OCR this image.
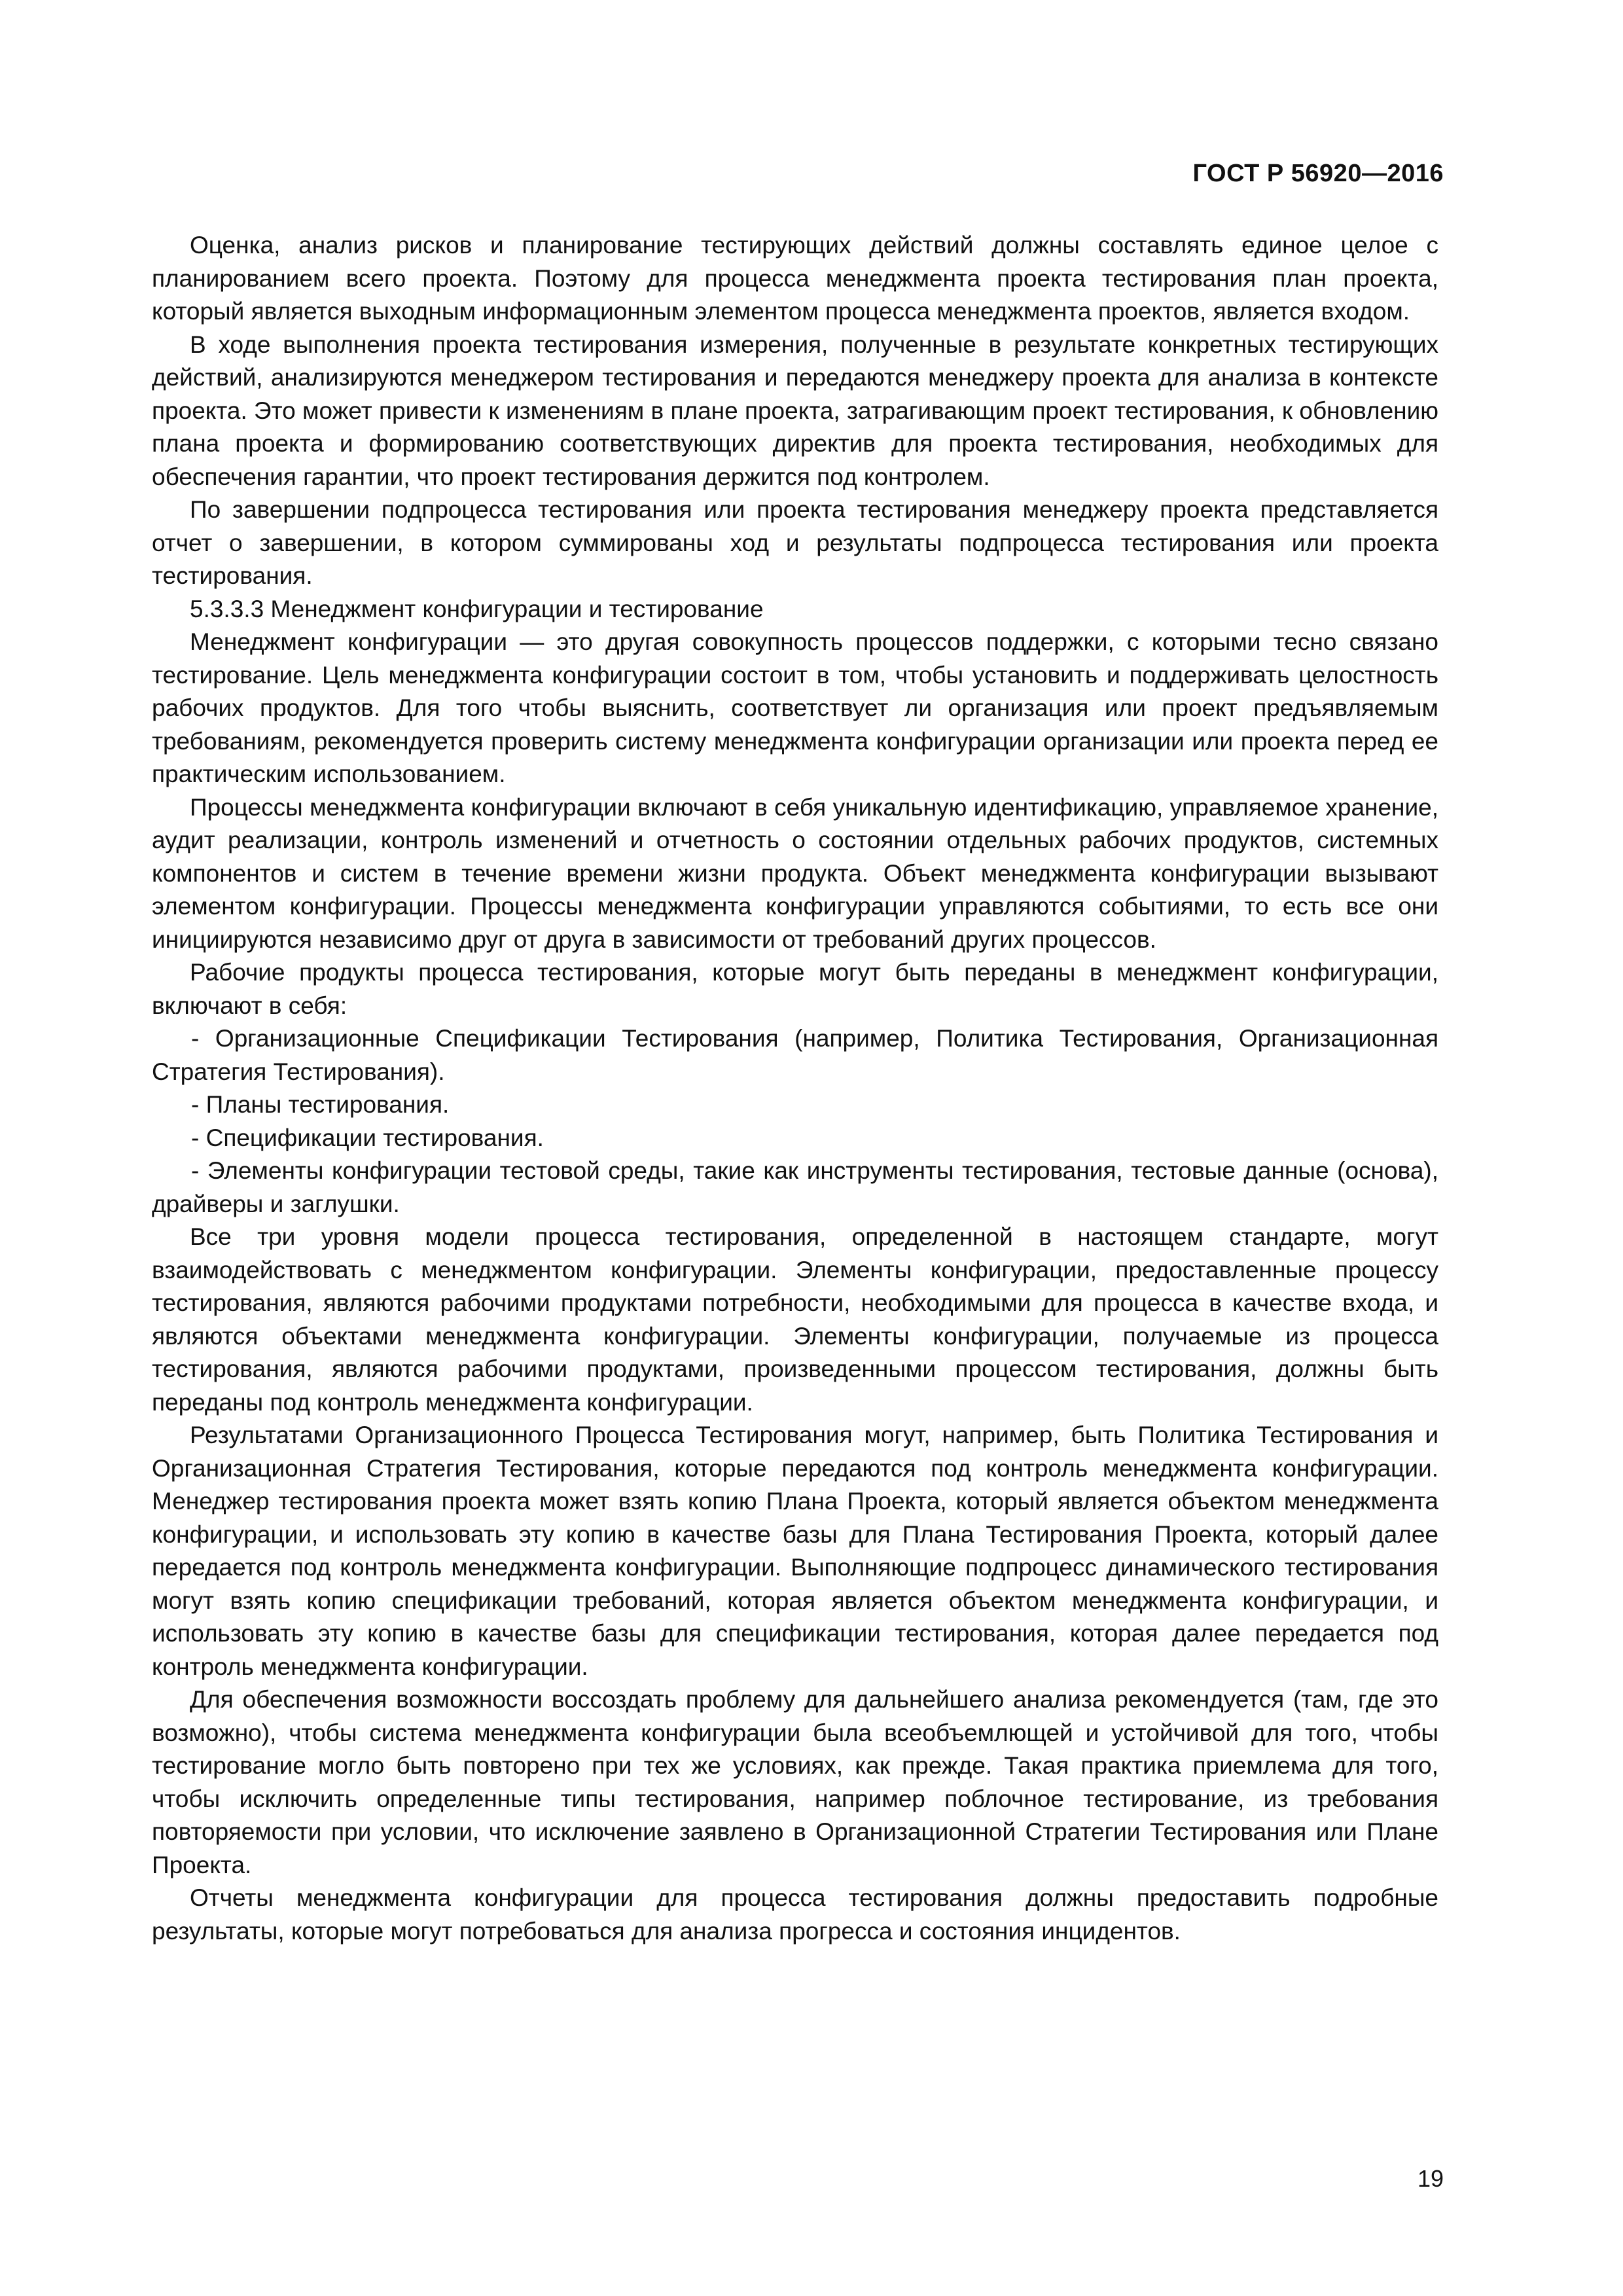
ГОСТ Р 56920—2016

Оценка, анализ рисков и планирование тестирующих действий должны составлять единое целое с планированием всего проекта. Поэтому для процесса менеджмента проекта тестирования план проекта, который является выходным информационным элементом процесса менеджмента проектов, является входом.

В ходе выполнения проекта тестирования измерения, полученные в результате конкретных тестирующих действий, анализируются менеджером тестирования и передаются менеджеру проекта для анализа в контексте проекта. Это может привести к изменениям в плане проекта, затрагивающим проект тестирования, к обновлению плана проекта и формированию соответствующих директив для проекта тестирования, необходимых для обеспечения гарантии, что проект тестирования держится под контролем.

По завершении подпроцесса тестирования или проекта тестирования менеджеру проекта представляется отчет о завершении, в котором суммированы ход и результаты подпроцесса тестирования или проекта тестирования.

5.3.3.3 Менеджмент конфигурации и тестирование

Менеджмент конфигурации — это другая совокупность процессов поддержки, с которыми тесно связано тестирование. Цель менеджмента конфигурации состоит в том, чтобы установить и поддерживать целостность рабочих продуктов. Для того чтобы выяснить, соответствует ли организация или проект предъявляемым требованиям, рекомендуется проверить систему менеджмента конфигурации организации или проекта перед ее практическим использованием.

Процессы менеджмента конфигурации включают в себя уникальную идентификацию, управляемое хранение, аудит реализации, контроль изменений и отчетность о состоянии отдельных рабочих продуктов, системных компонентов и систем в течение времени жизни продукта. Объект менеджмента конфигурации вызывают элементом конфигурации. Процессы менеджмента конфигурации управляются событиями, то есть все они инициируются независимо друг от друга в зависимости от требований других процессов.

Рабочие продукты процесса тестирования, которые могут быть переданы в менеджмент конфигурации, включают в себя:

- Организационные Спецификации Тестирования (например, Политика Тестирования, Организационная Стратегия Тестирования).

- Планы тестирования.

- Спецификации тестирования.

- Элементы конфигурации тестовой среды, такие как инструменты тестирования, тестовые данные (основа), драйверы и заглушки.

Все три уровня модели процесса тестирования, определенной в настоящем стандарте, могут взаимодействовать с менеджментом конфигурации. Элементы конфигурации, предоставленные процессу тестирования, являются рабочими продуктами потребности, необходимыми для процесса в качестве входа, и являются объектами менеджмента конфигурации. Элементы конфигурации, получаемые из процесса тестирования, являются рабочими продуктами, произведенными процессом тестирования, должны быть переданы под контроль менеджмента конфигурации.

Результатами Организационного Процесса Тестирования могут, например, быть Политика Тестирования и Организационная Стратегия Тестирования, которые передаются под контроль менеджмента конфигурации. Менеджер тестирования проекта может взять копию Плана Проекта, который является объектом менеджмента конфигурации, и использовать эту копию в качестве базы для Плана Тестирования Проекта, который далее передается под контроль менеджмента конфигурации. Выполняющие подпроцесс динамического тестирования могут взять копию спецификации требований, которая является объектом менеджмента конфигурации, и использовать эту копию в качестве базы для спецификации тестирования, которая далее передается под контроль менеджмента конфигурации.

Для обеспечения возможности воссоздать проблему для дальнейшего анализа рекомендуется (там, где это возможно), чтобы система менеджмента конфигурации была всеобъемлющей и устойчивой для того, чтобы тестирование могло быть повторено при тех же условиях, как прежде. Такая практика приемлема для того, чтобы исключить определенные типы тестирования, например поблочное тестирование, из требования повторяемости при условии, что исключение заявлено в Организационной Стратегии Тестирования или Плане Проекта.

Отчеты менеджмента конфигурации для процесса тестирования должны предоставить подробные результаты, которые могут потребоваться для анализа прогресса и состояния инцидентов.

19
